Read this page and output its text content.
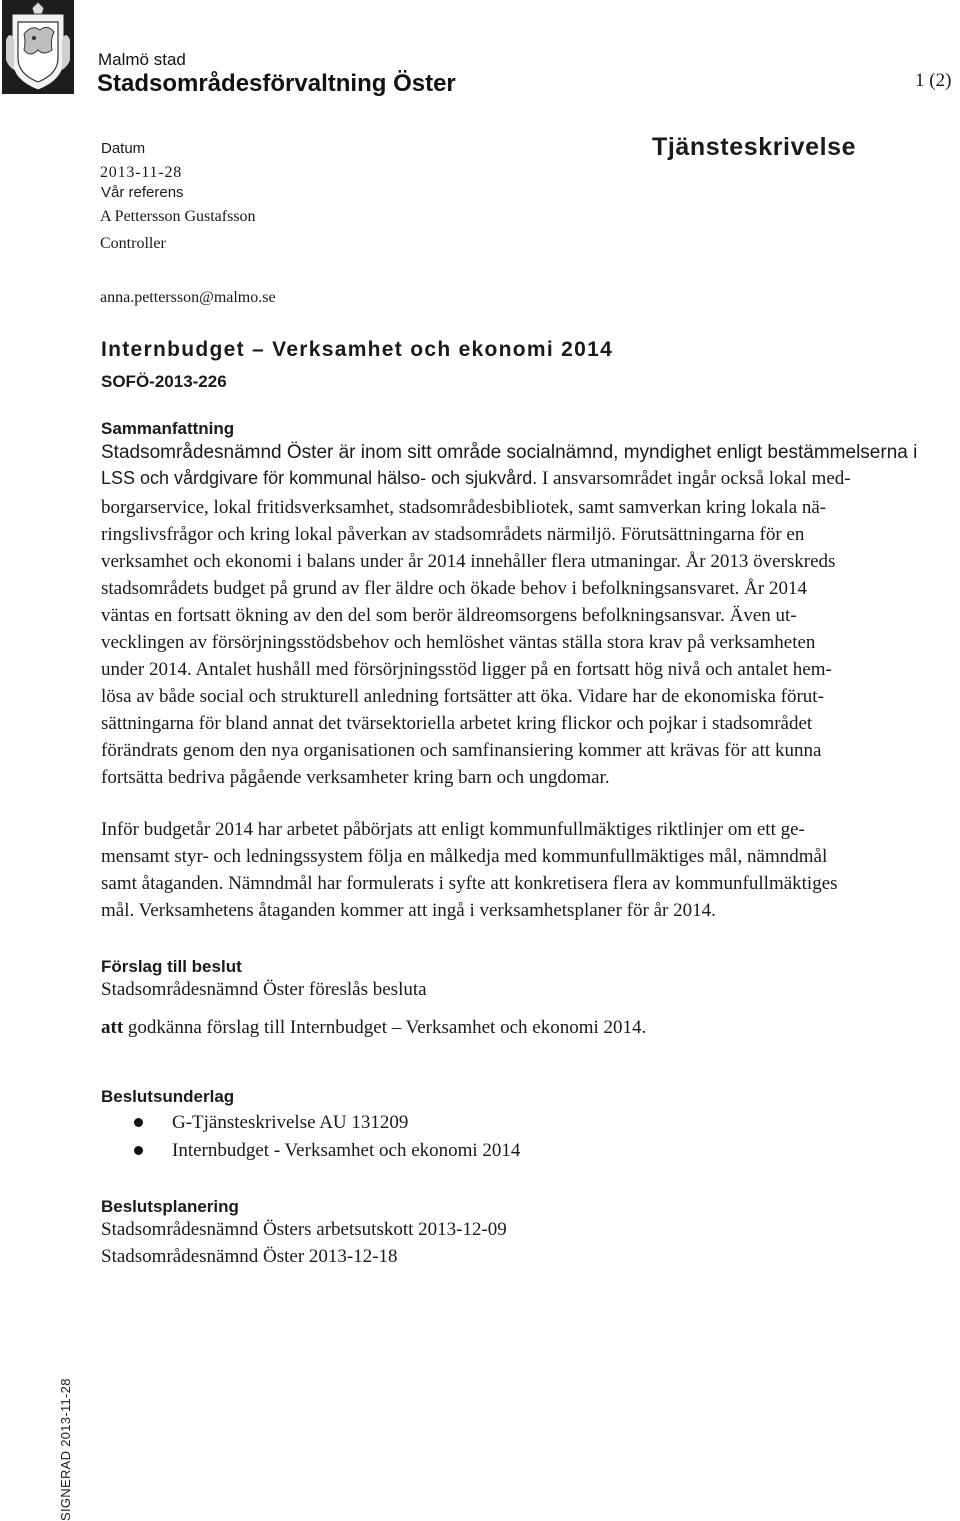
Malmö stad
Stadsområdesförvaltning Öster	1 (2)
Tjänsteskrivelse
Datum
2013-11-28
Vår referens
A Pettersson Gustafsson
Controller
anna.pettersson@malmo.se
Internbudget – Verksamhet och ekonomi 2014
SOFÖ-2013-226
Sammanfattning
Stadsområdesnämnd Öster är inom sitt område socialnämnd, myndighet enligt bestämmelserna i
LSS och vårdgivare för kommunal hälso- och sjukvård. I ansvarsområdet ingår också lokal med-
borgarservice, lokal fritidsverksamhet, stadsområdesbibliotek, samt samverkan kring lokala nä-
ringslivsfrågor och kring lokal påverkan av stadsområdets närmiljö. Förutsättningarna för en
verksamhet och ekonomi i balans under år 2014 innehåller flera utmaningar. År 2013 överskreds
stadsområdets budget på grund av fler äldre och ökade behov i befolkningsansvaret. År 2014
väntas en fortsatt ökning av den del som berör äldreomsorgens befolkningsansvar. Även ut-
vecklingen av försörjningsstödsbehov och hemlöshet väntas ställa stora krav på verksamheten
under 2014. Antalet hushåll med försörjningsstöd ligger på en fortsatt hög nivå och antalet hem-
lösa av både social och strukturell anledning fortsätter att öka. Vidare har de ekonomiska förut-
sättningarna för bland annat det tvärsektoriella arbetet kring flickor och pojkar i stadsområdet
förändrats genom den nya organisationen och samfinansiering kommer att krävas för att kunna
fortsätta bedriva pågående verksamheter kring barn och ungdomar.
Inför budgetår 2014 har arbetet påbörjats att enligt kommunfullmäktiges riktlinjer om ett ge-
mensamt styr- och ledningssystem följa en målkedja med kommunfullmäktiges mål, nämndmål
samt åtaganden. Nämndmål har formulerats i syfte att konkretisera flera av kommunfullmäktiges
mål. Verksamhetens åtaganden kommer att ingå i verksamhetsplaner för år 2014.
Förslag till beslut
Stadsområdesnämnd Öster föreslås besluta
att godkänna förslag till Internbudget – Verksamhet och ekonomi 2014.
Beslutsunderlag
G-Tjänsteskrivelse AU 131209
Internbudget - Verksamhet och ekonomi 2014
Beslutsplanering
Stadsområdesnämnd Östers arbetsutskott 2013-12-09
Stadsområdesnämnd Öster 2013-12-18
SIGNERAD 2013-11-28
